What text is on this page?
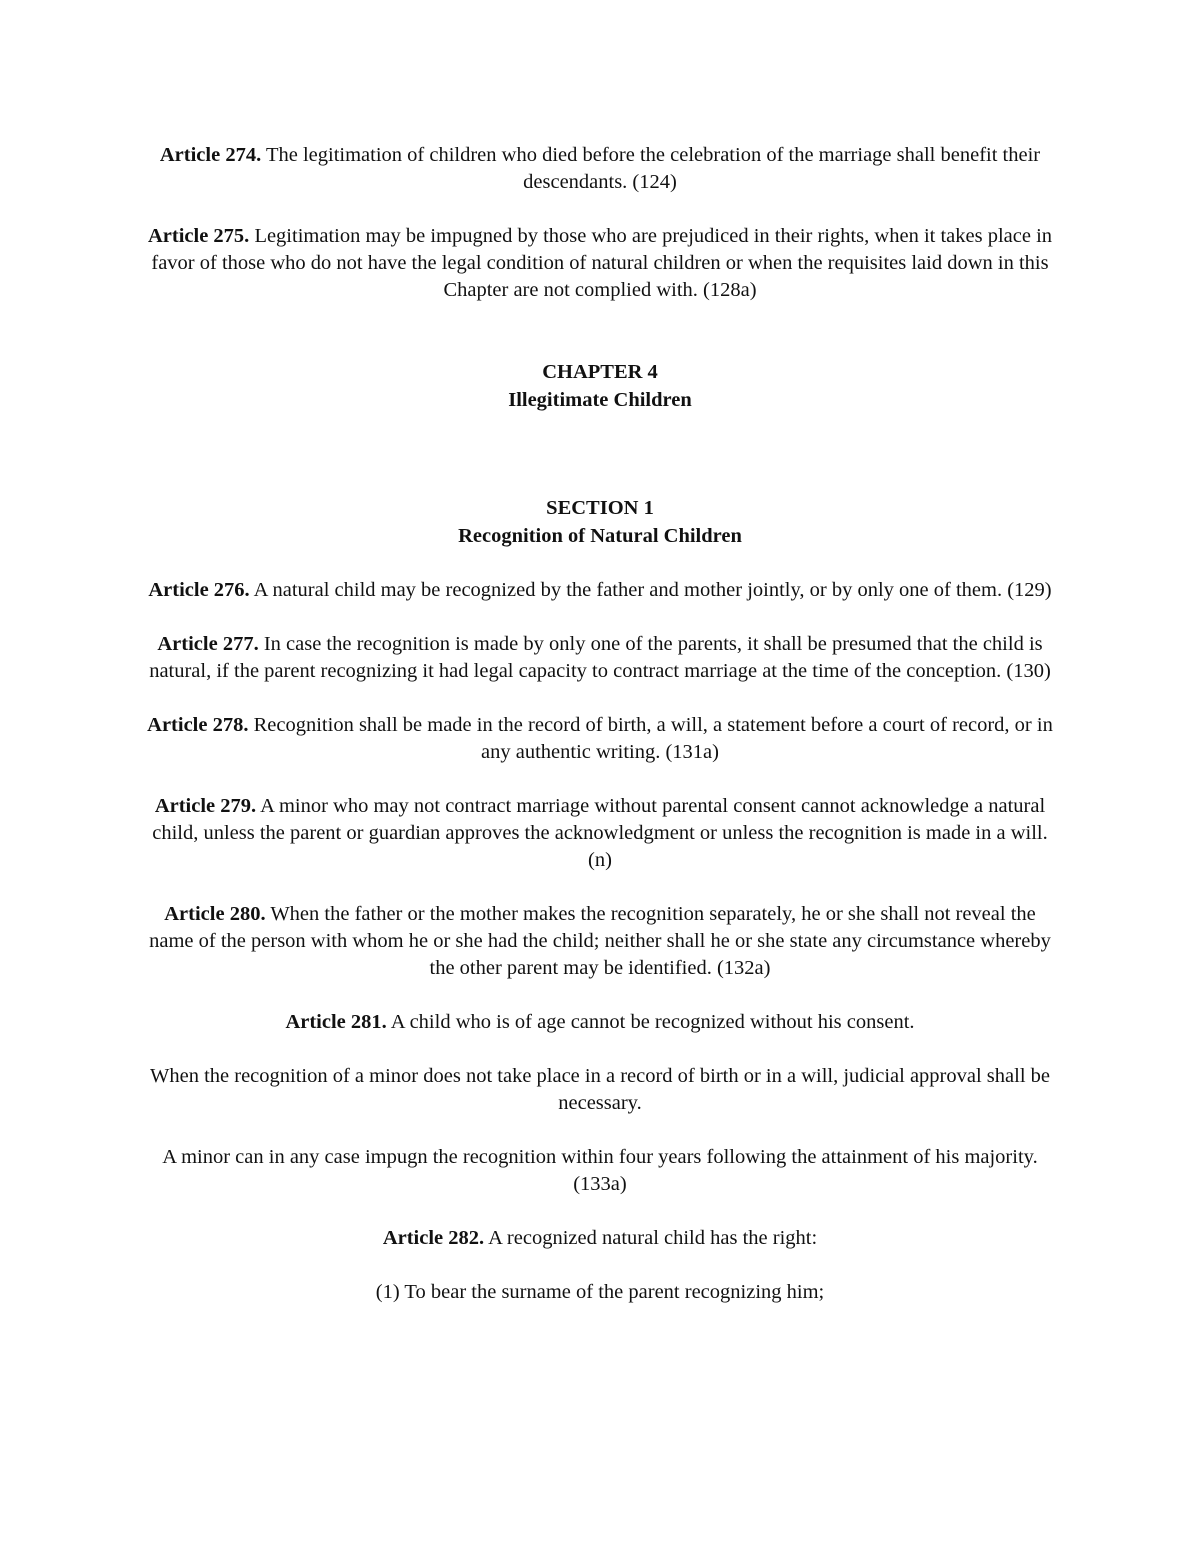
Article 274. The legitimation of children who died before the celebration of the marriage shall benefit their descendants. (124)

Article 275. Legitimation may be impugned by those who are prejudiced in their rights, when it takes place in favor of those who do not have the legal condition of natural children or when the requisites laid down in this Chapter are not complied with. (128a)

CHAPTER 4

Illegitimate Children

SECTION 1

Recognition of Natural Children

Article 276. A natural child may be recognized by the father and mother jointly, or by only one of them. (129)

Article 277. In case the recognition is made by only one of the parents, it shall be presumed that the child is natural, if the parent recognizing it had legal capacity to contract marriage at the time of the conception. (130)

Article 278. Recognition shall be made in the record of birth, a will, a statement before a court of record, or in any authentic writing. (131a)

Article 279. A minor who may not contract marriage without parental consent cannot acknowledge a natural child, unless the parent or guardian approves the acknowledgment or unless the recognition is made in a will. (n)

Article 280. When the father or the mother makes the recognition separately, he or she shall not reveal the name of the person with whom he or she had the child; neither shall he or she state any circumstance whereby the other parent may be identified. (132a)

Article 281. A child who is of age cannot be recognized without his consent.

When the recognition of a minor does not take place in a record of birth or in a will, judicial approval shall be necessary.

A minor can in any case impugn the recognition within four years following the attainment of his majority. (133a)

Article 282. A recognized natural child has the right:

(1) To bear the surname of the parent recognizing him;
